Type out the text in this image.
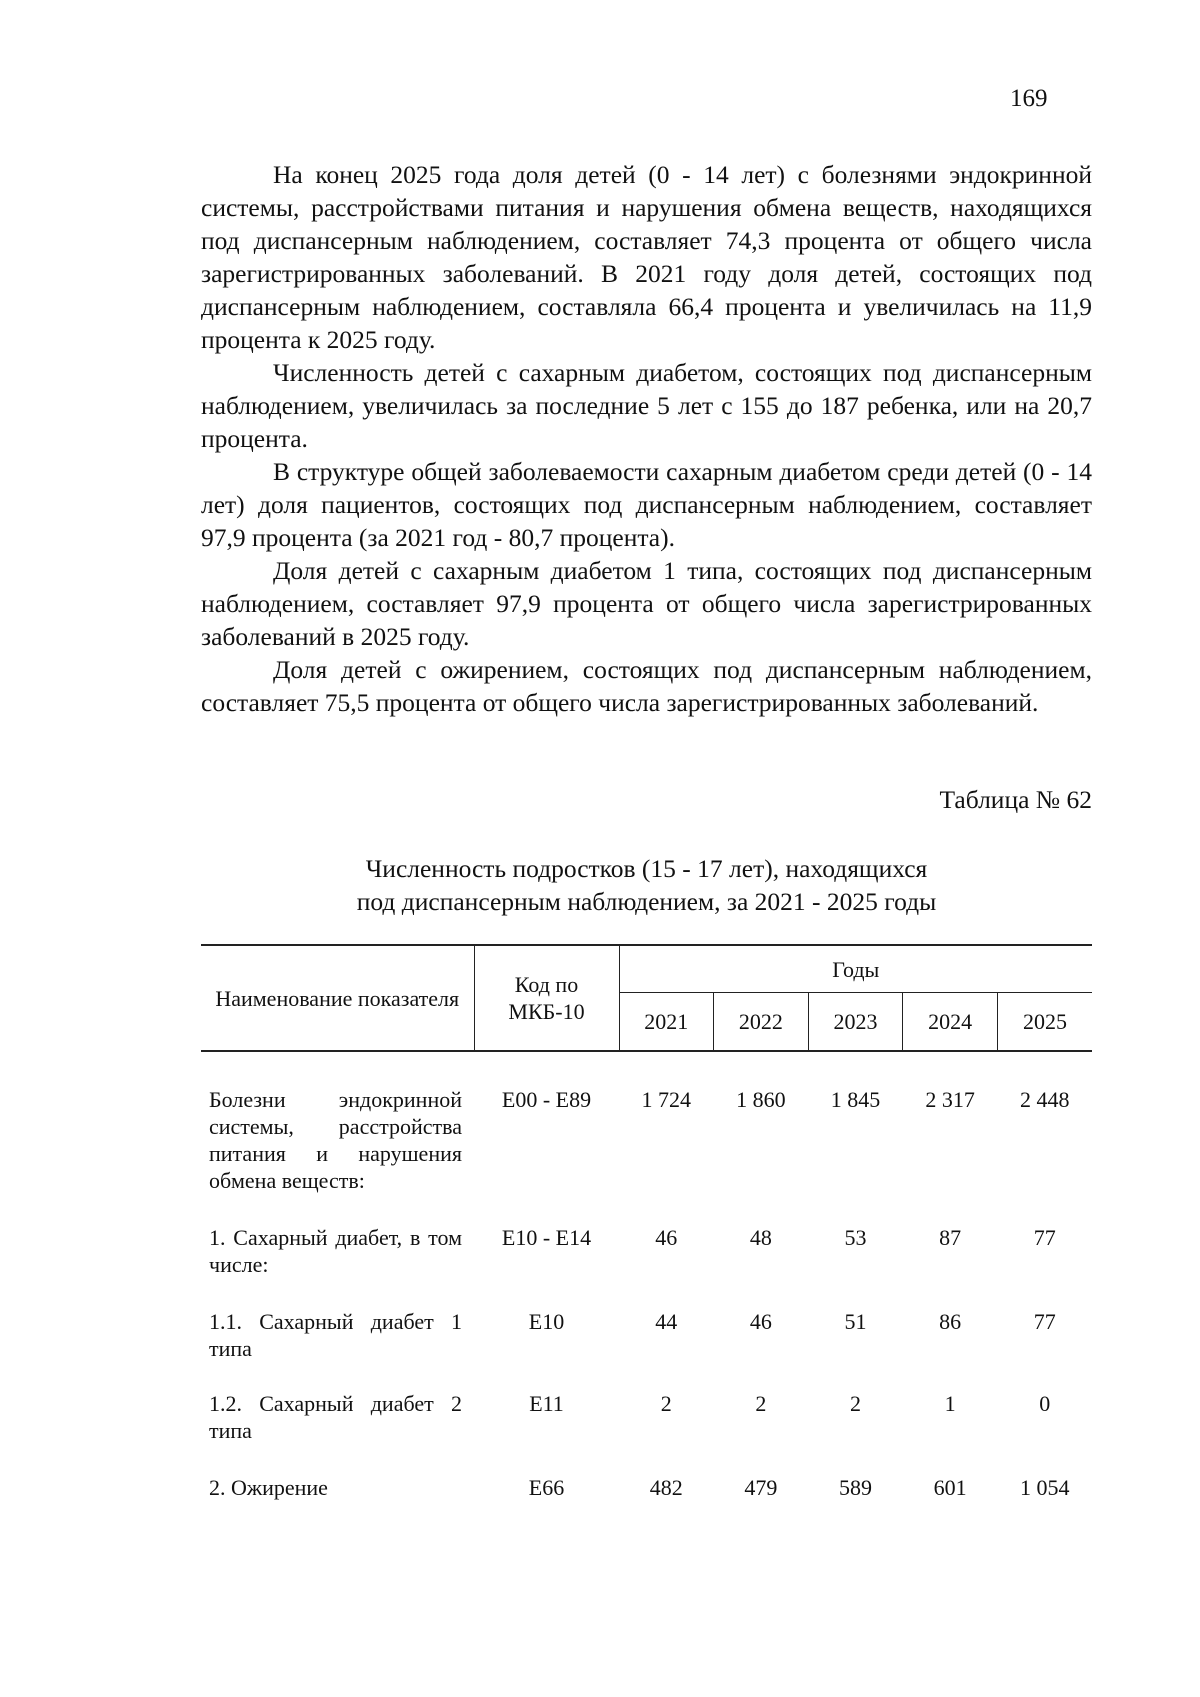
169

На конец 2025 года доля детей (0 - 14 лет) с болезнями эндокринной системы, расстройствами питания и нарушения обмена веществ, находящихся под диспансерным наблюдением, составляет 74,3 процента от общего числа зарегистрированных заболеваний. В 2021 году доля детей, состоящих под диспансерным наблюдением, составляла 66,4 процента и увеличилась на 11,9 процента к 2025 году.

Численность детей с сахарным диабетом, состоящих под диспансерным наблюдением, увеличилась за последние 5 лет с 155 до 187 ребенка, или на 20,7 процента.

В структуре общей заболеваемости сахарным диабетом среди детей (0 - 14 лет) доля пациентов, состоящих под диспансерным наблюдением, составляет 97,9 процента (за 2021 год - 80,7 процента).

Доля детей с сахарным диабетом 1 типа, состоящих под диспансерным наблюдением, составляет 97,9 процента от общего числа зарегистрированных заболеваний в 2025 году.

Доля детей с ожирением, состоящих под диспансерным наблюдением, составляет 75,5 процента от общего числа зарегистрированных заболеваний.

Таблица № 62
Численность подростков (15 - 17 лет), находящихся
под диспансерным наблюдением, за 2021 - 2025 годы
Наименование показателя	Код по МКБ-10	Годы				
		2021	2022	2023	2024	2025
Болезни эндокринной системы, расстройства питания и нарушения обмена веществ:	E00 - E89	1 724	1 860	1 845	2 317	2 448
1. Сахарный диабет, в том числе:	E10 - E14	46	48	53	87	77
1.1. Сахарный диабет 1 типа	E10	44	46	51	86	77
1.2. Сахарный диабет 2 типа	E11	2	2	2	1	0
2. Ожирение	E66	482	479	589	601	1 054
